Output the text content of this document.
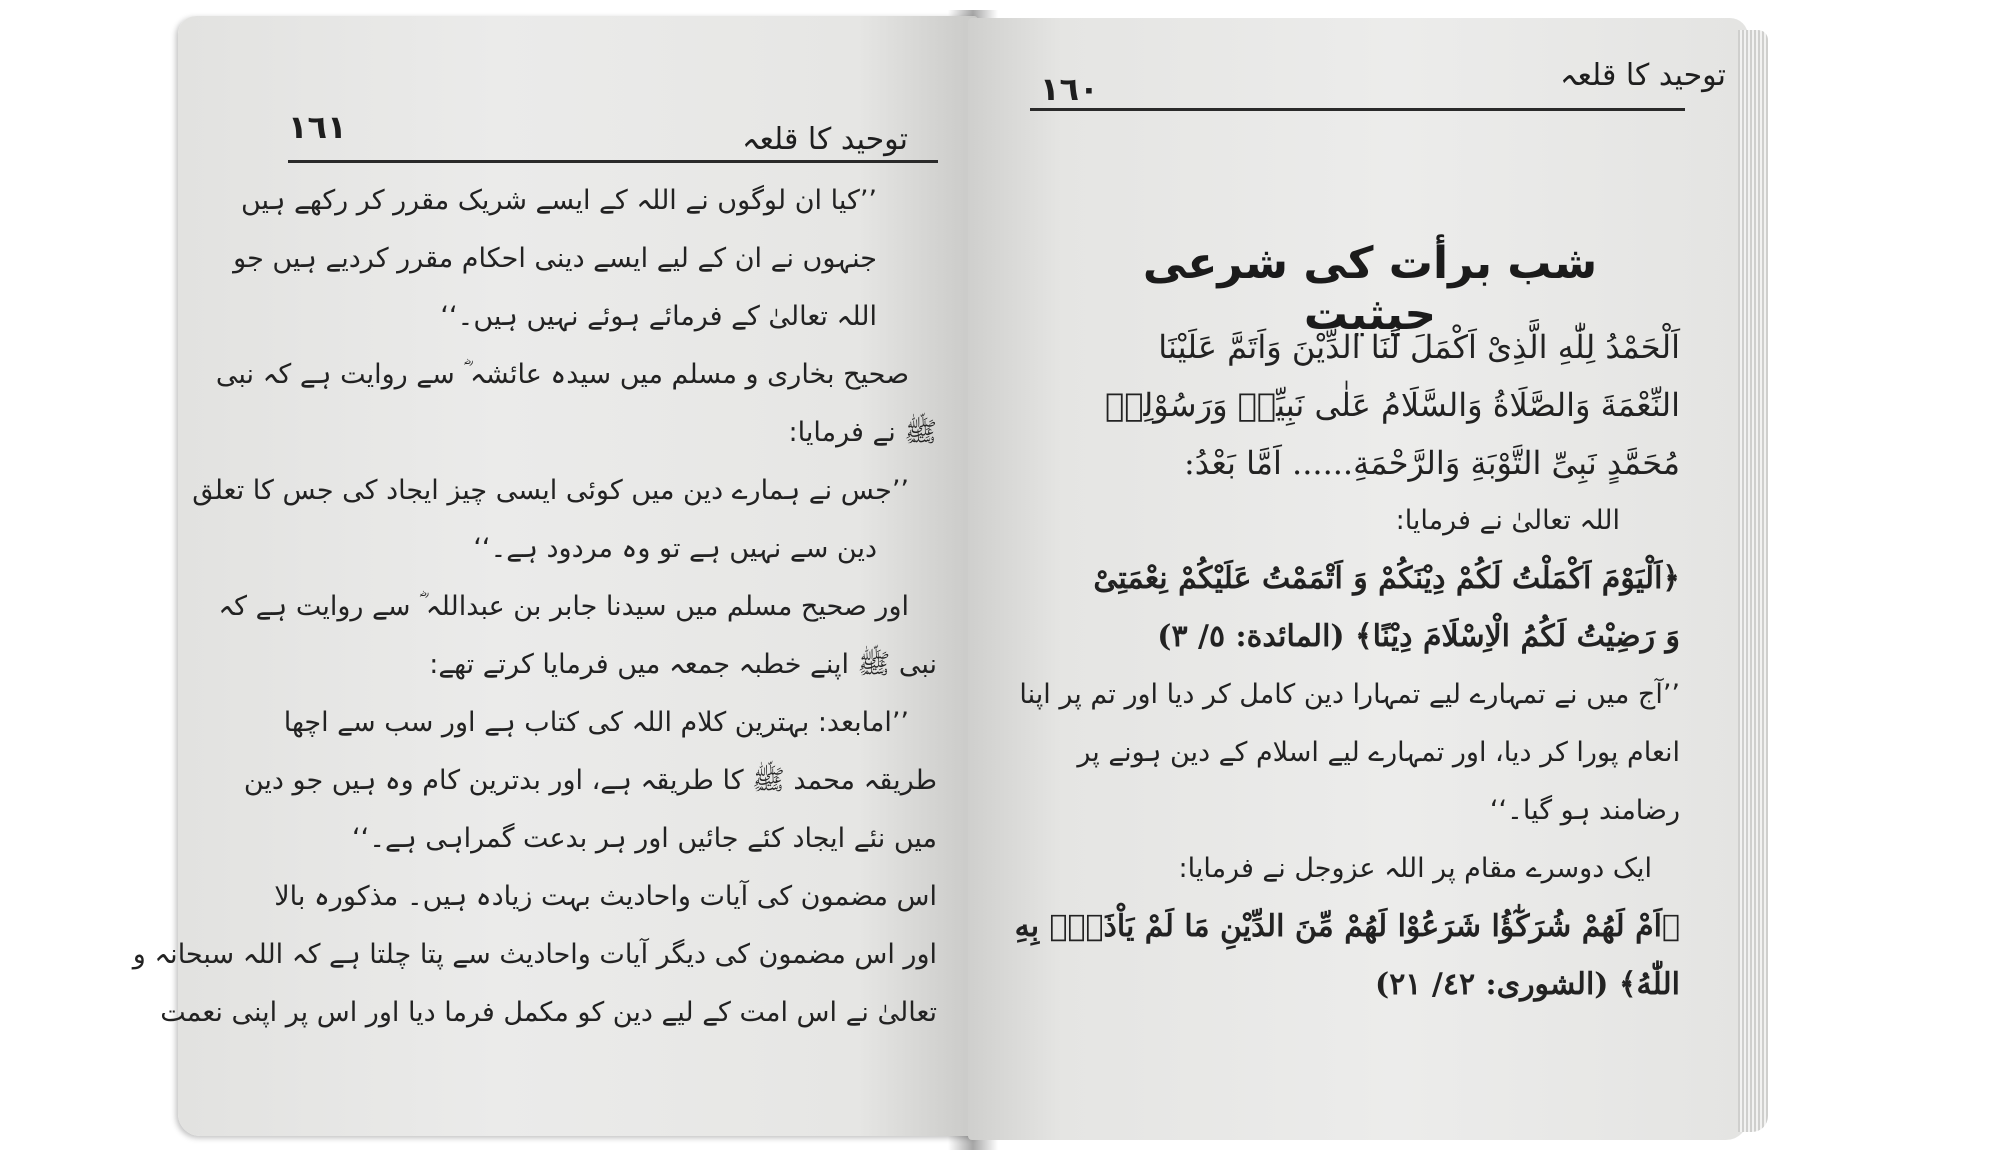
توحید کا قلعہ
١٦١
’’کیا ان لوگوں نے اللہ کے ایسے شریک مقرر کر رکھے ہیں
جنہوں نے ان کے لیے ایسے دینی احکام مقرر کردیے ہیں جو
اللہ تعالیٰ کے فرمائے ہوئے نہیں ہیں۔‘‘
صحیح بخاری و مسلم میں سیدہ عائشہ ؓ سے روایت ہے کہ نبی
ﷺ نے فرمایا:
’’جس نے ہمارے دین میں کوئی ایسی چیز ایجاد کی جس کا تعلق
دین سے نہیں ہے تو وہ مردود ہے۔‘‘
اور صحیح مسلم میں سیدنا جابر بن عبداللہ ؓ سے روایت ہے کہ
نبی ﷺ اپنے خطبہ جمعہ میں فرمایا کرتے تھے:
’’امابعد: بہترین کلام اللہ کی کتاب ہے اور سب سے اچھا
طریقہ محمد ﷺ کا طریقہ ہے، اور بدترین کام وہ ہیں جو دین
میں نئے ایجاد کئے جائیں اور ہر بدعت گمراہی ہے۔‘‘
اس مضمون کی آیات واحادیث بہت زیادہ ہیں۔ مذکورہ بالا
اور اس مضمون کی دیگر آیات واحادیث سے پتا چلتا ہے کہ اللہ سبحانہ و
تعالیٰ نے اس امت کے لیے دین کو مکمل فرما دیا اور اس پر اپنی نعمت
توحید کا قلعہ
١٦٠
شب برأت کی شرعی حیثیت
اَلْحَمْدُ لِلّٰهِ الَّذِیْ اَکْمَلَ لَنَا الدِّیْنَ وَاَتَمَّ عَلَیْنَا
النِّعْمَةَ وَالصَّلَاةُ وَالسَّلَامُ عَلٰی نَبِیِّهٖ وَرَسُوْلِهٖ
مُحَمَّدٍ نَبِیِّ التَّوْبَةِ وَالرَّحْمَةِ...... اَمَّا بَعْدُ:
اللہ تعالیٰ نے فرمایا:
﴿اَلْیَوْمَ اَكْمَلْتُ لَكُمْ دِیْنَكُمْ وَ اَتْمَمْتُ عَلَیْكُمْ نِعْمَتِیْ
وَ رَضِیْتُ لَكُمُ الْاِسْلَامَ دِیْنًا﴾ (المائدة: ٥/ ٣)
’’آج میں نے تمہارے لیے تمہارا دین کامل کر دیا اور تم پر اپنا
انعام پورا کر دیا، اور تمہارے لیے اسلام کے دین ہونے پر
رضامند ہو گیا۔‘‘
ایک دوسرے مقام پر اللہ عزوجل نے فرمایا:
﴿اَمْ لَهُمْ شُرَكٰٓؤُا شَرَعُوْا لَهُمْ مِّنَ الدِّیْنِ مَا لَمْ یَاْذَنْۢ بِهِ
اللّٰهُ﴾ (الشوری: ٤٢/ ٢١)
